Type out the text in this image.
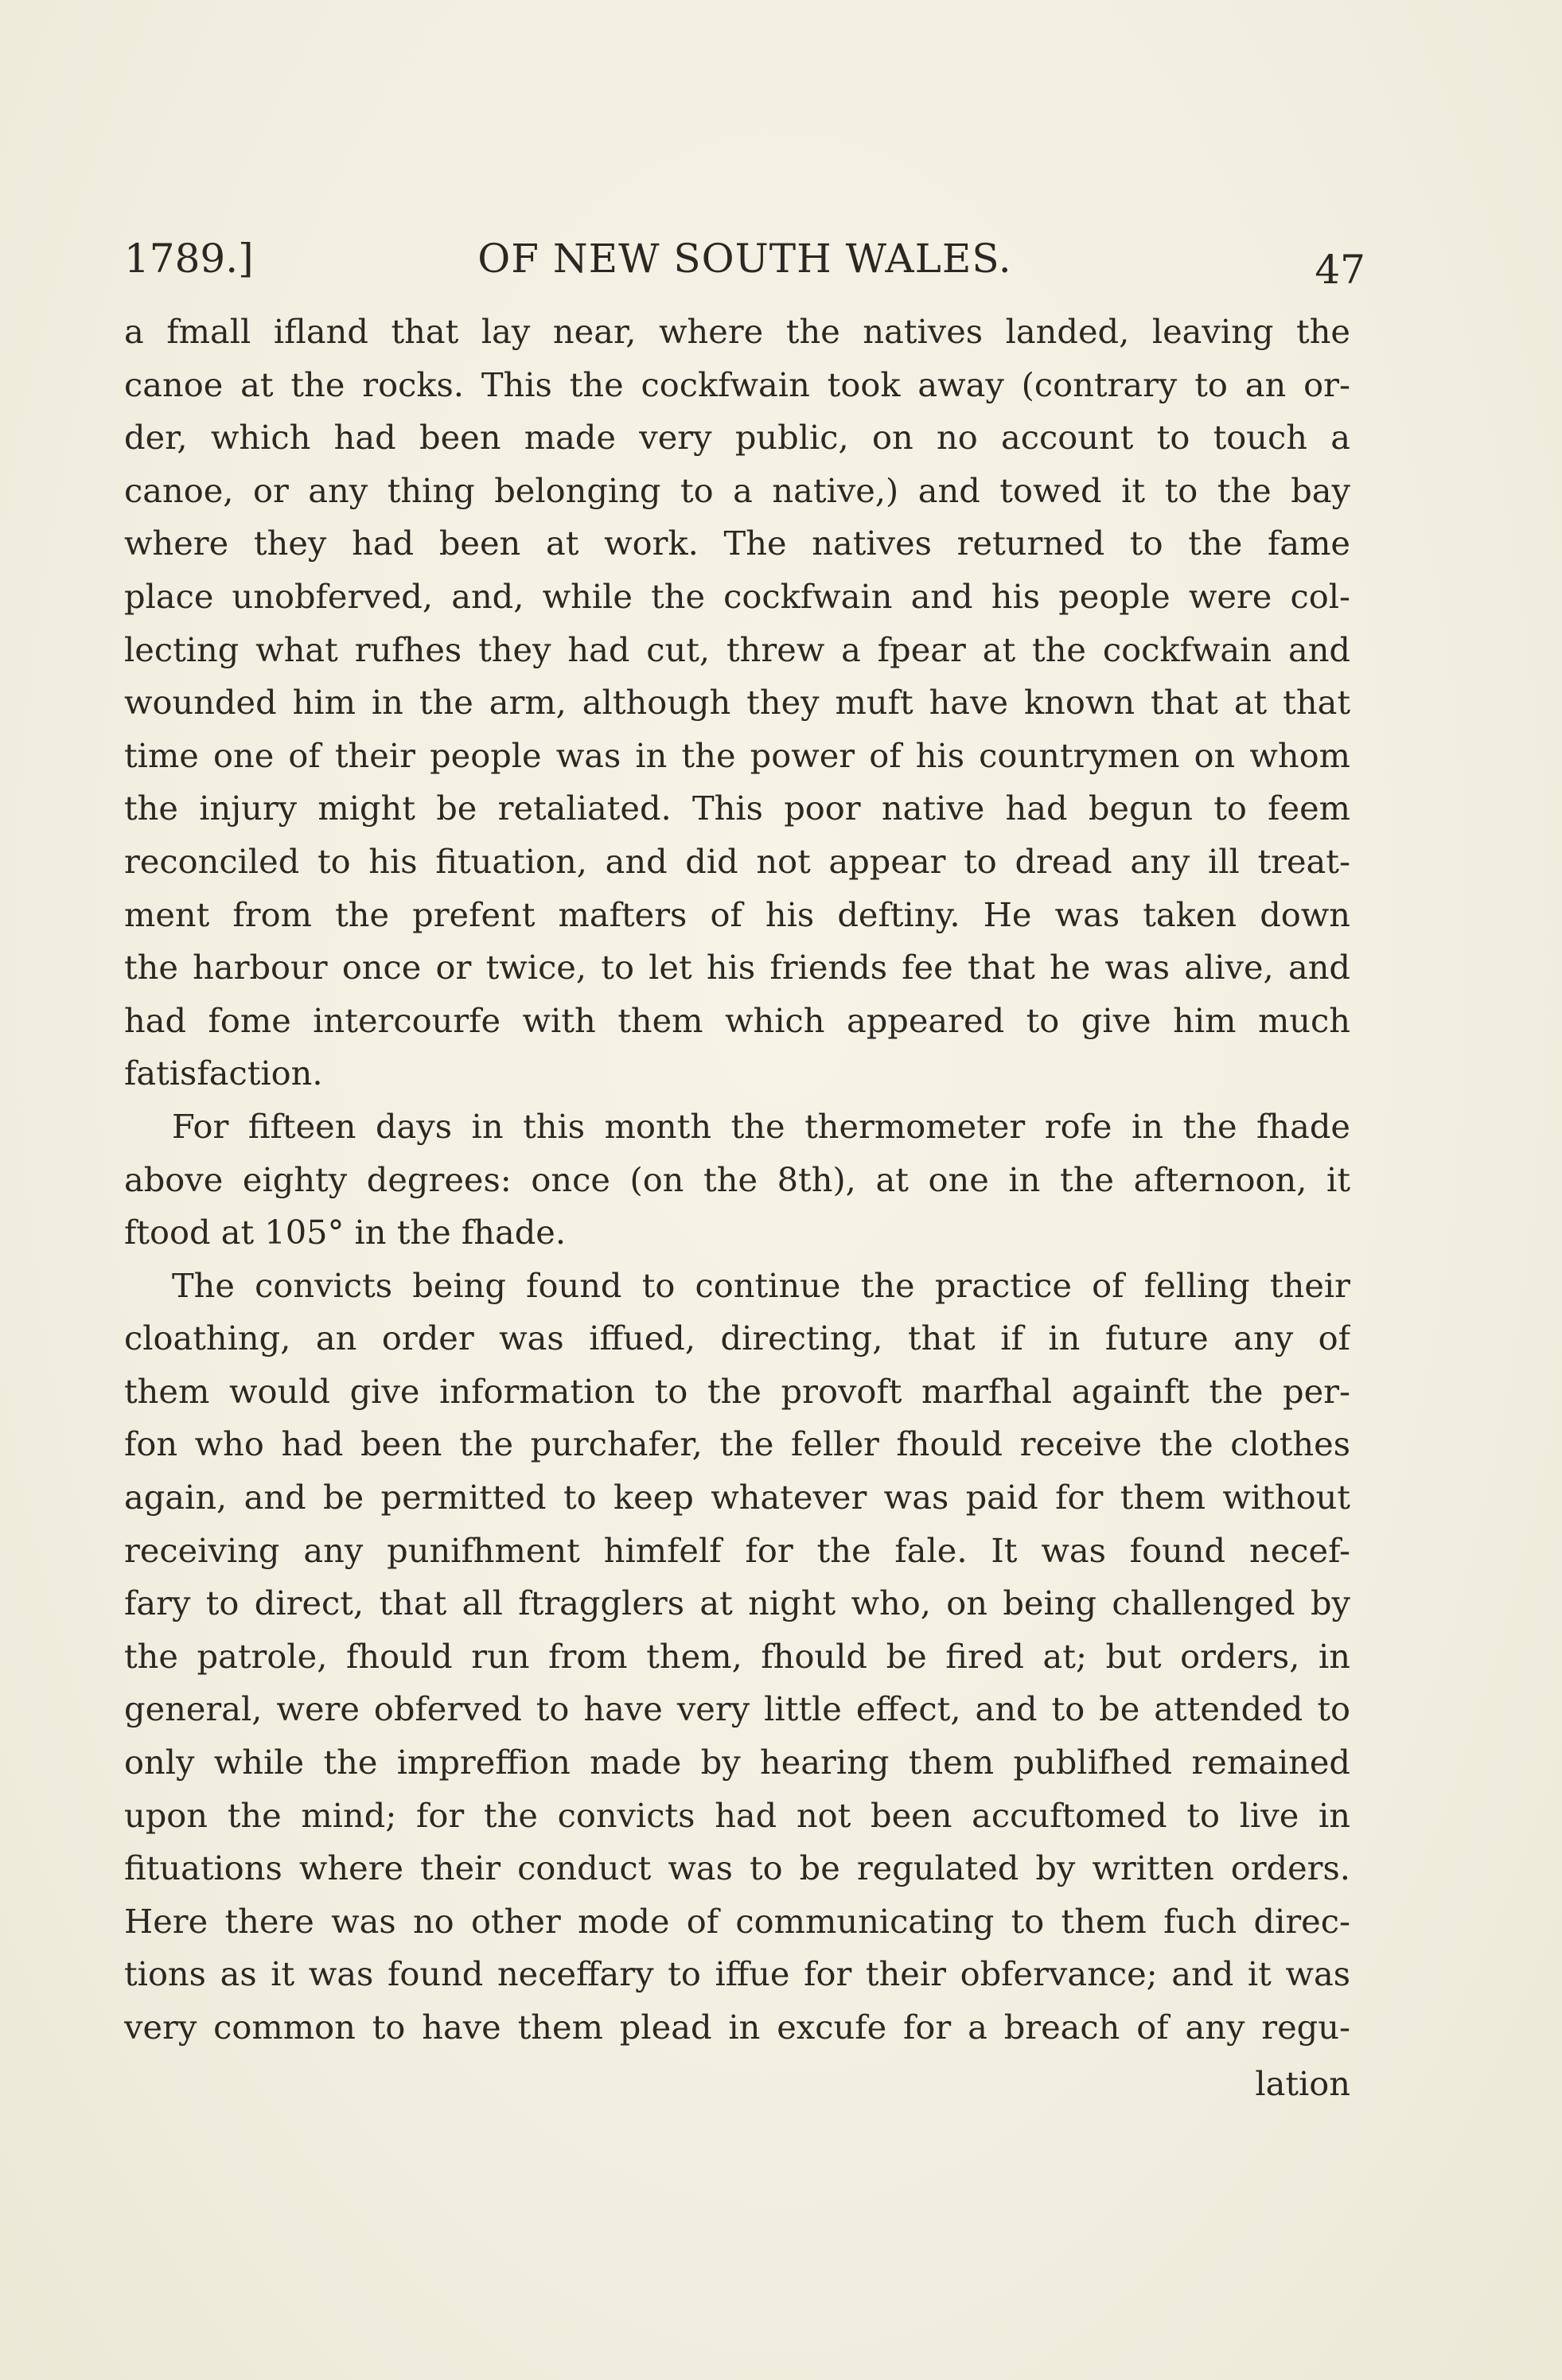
1789.]	OF NEW SOUTH WALES.	47
a fmall ifland that lay near, where the natives landed, leaving the
canoe at the rocks. This the cockfwain took away (contrary to an or-
der, which had been made very public, on no account to touch a
canoe, or any thing belonging to a native,) and towed it to the bay
where they had been at work. The natives returned to the fame
place unobferved, and, while the cockfwain and his people were col-
lecting what rufhes they had cut, threw a fpear at the cockfwain and
wounded him in the arm, although they muft have known that at that
time one of their people was in the power of his countrymen on whom
the injury might be retaliated. This poor native had begun to feem
reconciled to his fituation, and did not appear to dread any ill treat-
ment from the prefent mafters of his deftiny. He was taken down
the harbour once or twice, to let his friends fee that he was alive, and
had fome intercourfe with them which appeared to give him much
fatisfaction.
For fifteen days in this month the thermometer rofe in the fhade
above eighty degrees: once (on the 8th), at one in the afternoon, it
ftood at 105° in the fhade.
The convicts being found to continue the practice of felling their
cloathing, an order was iffued, directing, that if in future any of
them would give information to the provoft marfhal againft the per-
fon who had been the purchafer, the feller fhould receive the clothes
again, and be permitted to keep whatever was paid for them without
receiving any punifhment himfelf for the fale. It was found necef-
fary to direct, that all ftragglers at night who, on being challenged by
the patrole, fhould run from them, fhould be fired at; but orders, in
general, were obferved to have very little effect, and to be attended to
only while the impreffion made by hearing them publifhed remained
upon the mind; for the convicts had not been accuftomed to live in
fituations where their conduct was to be regulated by written orders.
Here there was no other mode of communicating to them fuch direc-
tions as it was found neceffary to iffue for their obfervance; and it was
very common to have them plead in excufe for a breach of any regu-
lation
